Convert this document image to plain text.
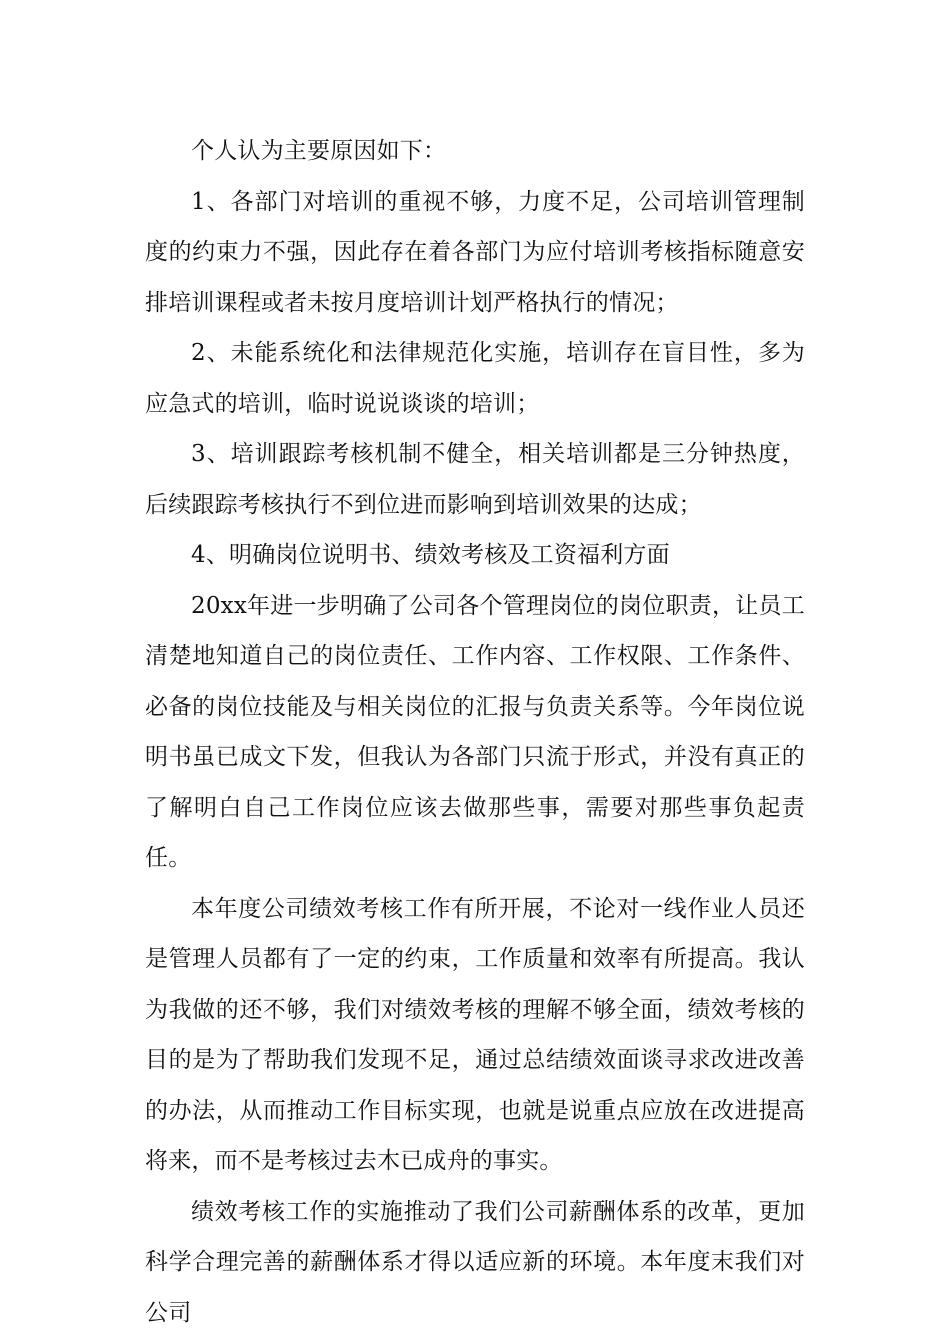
个人认为主要原因如下：

1、各部门对培训的重视不够，力度不足，公司培训管理制度的约束力不强，因此存在着各部门为应付培训考核指标随意安排培训课程或者未按月度培训计划严格执行的情况；

2、未能系统化和法律规范化实施，培训存在盲目性，多为应急式的培训，临时说说谈谈的培训；

3、培训跟踪考核机制不健全，相关培训都是三分钟热度，后续跟踪考核执行不到位进而影响到培训效果的达成；

4、明确岗位说明书、绩效考核及工资福利方面

20xx年进一步明确了公司各个管理岗位的岗位职责，让员工清楚地知道自己的岗位责任、工作内容、工作权限、工作条件、必备的岗位技能及与相关岗位的汇报与负责关系等。今年岗位说明书虽已成文下发，但我认为各部门只流于形式，并没有真正的了解明白自己工作岗位应该去做那些事，需要对那些事负起责任。

本年度公司绩效考核工作有所开展，不论对一线作业人员还是管理人员都有了一定的约束，工作质量和效率有所提高。我认为我做的还不够，我们对绩效考核的理解不够全面，绩效考核的目的是为了帮助我们发现不足，通过总结绩效面谈寻求改进改善的办法，从而推动工作目标实现，也就是说重点应放在改进提高将来，而不是考核过去木已成舟的事实。

绩效考核工作的实施推动了我们公司薪酬体系的改革，更加科学合理完善的薪酬体系才得以适应新的环境。本年度末我们对公司
